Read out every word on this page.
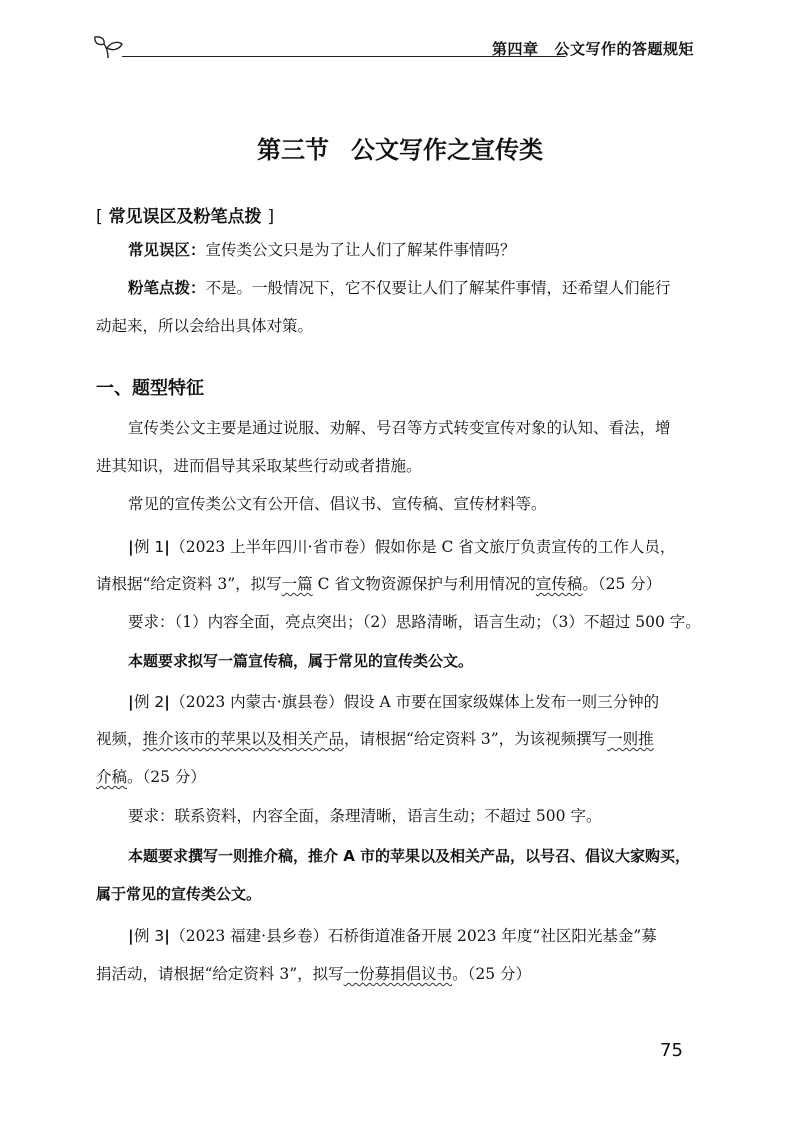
第四章 公文写作的答题规矩
第三节 公文写作之宣传类
[ 常见误区及粉笔点拨 ]
常见误区：宣传类公文只是为了让人们了解某件事情吗？
粉笔点拨：不是。一般情况下，它不仅要让人们了解某件事情，还希望人们能行
动起来，所以会给出具体对策。
一、题型特征
宣传类公文主要是通过说服、劝解、号召等方式转变宣传对象的认知、看法，增
进其知识，进而倡导其采取某些行动或者措施。
常见的宣传类公文有公开信、倡议书、宣传稿、宣传材料等。
|例 1|（2023 上半年四川·省市卷）假如你是 C 省文旅厅负责宣传的工作人员，
请根据“给定资料 3”，拟写一篇 C 省文物资源保护与利用情况的宣传稿。（25 分）
要求：（1）内容全面，亮点突出；（2）思路清晰，语言生动；（3）不超过 500 字。
本题要求拟写一篇宣传稿，属于常见的宣传类公文。
|例 2|（2023 内蒙古·旗县卷）假设 A 市要在国家级媒体上发布一则三分钟的
视频，推介该市的苹果以及相关产品，请根据“给定资料 3”，为该视频撰写一则推
介稿。（25 分）
要求：联系资料，内容全面，条理清晰，语言生动；不超过 500 字。
本题要求撰写一则推介稿，推介 A 市的苹果以及相关产品，以号召、倡议大家购买，
属于常见的宣传类公文。
|例 3|（2023 福建·县乡卷）石桥街道准备开展 2023 年度“社区阳光基金”募
捐活动，请根据“给定资料 3”，拟写一份募捐倡议书。（25 分）
75
